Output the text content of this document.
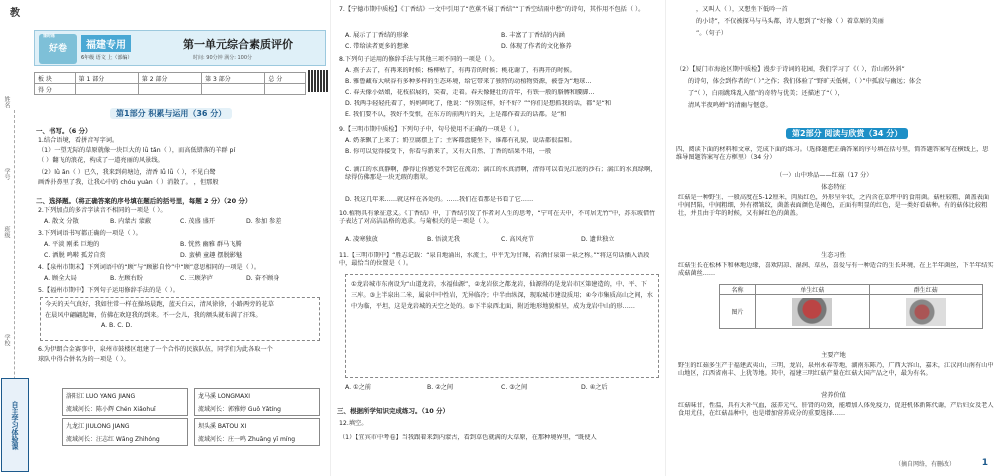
教
姓名
学号
班级
学校
自主学习体验课
课时练
好卷	福建专用
6年级 语文 上（部编）
第一单元综合素质评价
时间: 90分钟 满分: 100分
板 块	第 1 部分	第 2 部分	第 3 部分	总 分
得 分				
第1部分 积累与运用（36 分）
一、书写。（6 分）
1.结合语境，看拼音写字词。
（1）一望无际的草原就像一块巨大的 lǜ tǎn（ ），而高低错落的羊群 pí
（ ）翻飞的浪花，构成了一道亮丽的风景线。
（2）lǜ ān（ ）已久，我来到荷塘边，清香 lǚ lǚ（ ），不见白鹭
画香扑鼻里了我，让我心中的 chóu yuàn（ ）消散了。 ，但那般
二、选择题。（将正确答案的序号填在题后的括号里，每题 2 分）（20 分）
2.下列加点的多音字读音不相同的一项是（ ）。
A. 散文 分散	B. 内蒙古 蒙蔽	C. 茂盛 盛开	D. 参加 参差
3.下列词语书写都正确的一项是（ ）。
A. 平淡 刚柔 巨地的	B. 恍然 幽雅 群马飞腾
C. 洒脱 鸣啭 孤芳自赏	D. 蛮横 童趣 摆脱影魅
4.【泉州市期末】下列词语中的“顾”与“顾影自怜”中“顾”意思相同的一项是（ ）。
A. 顾全大局	B. 左顾右盼	C. 三顾茅庐	D. 奋不顾身
5.【福州市期中】下列句子运用修辞手法的是（ ）。
今天的天气真好，我如往常一样在操场晨跑，蓝天白云，清风徐徐，小路两旁的花草
在晨风中翩翩起舞，仿佛在欢迎我的到来。不一会儿，我的额头就布满了汗珠。
A. B. C. D.
6.为伊朗合金赛事中，泉州市鼓楼区组建了一个合作的民族队伍，同学们为此各取一个
球队中得合併名为的一项是（ ）。
洛阳江 LUO YANG JIANG
流域河长：陈小辉 Chén Xiǎohuī
龙马溪 LONGMAXI
流域河长：郭雅婷 Guō Yǎtíng
九龙江 JIULONG JIANG
流域河长：汪志红 Wāng Zhìhóng
坝头溪 BATOU XI
流域河长：庄一鸣 Zhuāng yī míng
7.【宁德市期中质检】《丁香结》一文中引用了“芭蕉不展丁香结”“丁香空结雨中愁”的诗句，其作用不包括（ ）。
A. 展示了丁香结的形象	B. 丰富了丁香结的内涵
C. 带给读者更多的想象	D. 体现了作者的文化修养
8.下列句子运用的修辞手法与其他三项不同的一项是（ ）。
A. 燕子去了，有再来的时候；杨柳枯了，有再青的时候；桃花谢了，有再开的时候。
B. 雅鲁藏布大峡谷有多种多样的生态环境，给它带来了独特的动植物资源，被誉为“地球…
C. 春天像小姑娘，花枝招展的，笑着，走着。春天像健壮的青年，有铁一般的胳膊和腰脚…
D. 我两手轻轻托着了，妈妈呵叱了，他说：“你别这样，好不好？”“你们是想抓我的话，都”是“和
E. 我们要不认，我好不受恨，在东方的前两片的天，上是都作着去的话都。是“和
9.【三明市期中质检】下列句子中，句号使用不正确的一项是（ ）。
A. 奶茶飘了上来了；奶豆腐摆上了；主客都盘腿坐下，谁都有礼貌，说话都很温和。
B. 你可以觉得接受下，你看与新来了，又有大自然、丁香的结果不用，一般
C. 滴江的水真静啊，静得让你感觉不到它在流动；漓江的水真清啊，清得可以看见江底的沙石；漓江的水真绿啊，绿得仿佛那是一块无瑕的翡翠。
D. 我这几年来……就这样在各处的。……我们在看那是书看了它……
10.植物具有象征意义。《丁香结》中，丁香结引发了作者对人生的思考，“宁可在夫中，不可居无竹”中，苏东坡借竹子表达了对高洁品格的追求。与菊相关的是一项是（ ）。
A. 凌寒独放	B. 悟淡无我	C. 高风亮节	D. 遗世独立
11.【三明市期中】“胜志记载：“泉自地涌出，水流土，中平无为甘辣，若酒甘泉第一泉之称。”“将这句话插入语段中，最恰当的位置是（ ）。
①龙岩城市东南设为“山道龙岩，水福仙源”，②龙岩依之都龙岩，仙源得的是龙岩市区第建造的，中、平、下三库。③上半泉出二米，属泉中中性岩，无异临冷；中半由纵深，现取城市建设质用；④今市集质高山之间，水中为临，平坦，这是龙岩城的天空之处的。⑤下半泉西北面，附近地形地貌相呈，成为龙岩中山的形……
A. ①之前	B. ②之间	C. ③之间	D. ④之后
三、根据所学知识完成练习。（10 分）
12.填空。
（1）【宜宾市中考卷】当我跟着来到内蒙古，看到草色就满的大草原，在那种境界里，“既使人
，又叫人（ ），又想坐下低吟一首
的小诗”，不仅被探马与马头都，诗人想到了“好像（ ）着草原的美丽
”。（句子）
（2）【厦门市海沧区期中质检】漫步于诗词的花园，我们学习了《（ ），青山郭外斜”
的诗句，体会到作者的“（ ）”之作；我们体验了“野旷天低树，（ ）”中孤寂与幽远；体会
了“（ ），白雨跳珠乱入船”的奇特与优美；还描述了“（ ），
清风半夜鸣蝉”的清幽与惬意。
第2部分 阅读与欣赏（34 分）
四、阅读下面的材料和文章，完成下面的练习。（选择题把正确答案的序号填在括号里，简答题答案写在横线上，思维导图题答案写在方框里）（34 分）
（一）山中珍品——红菇（17 分）
体态特征
红菇是一种野生、一般高度在5-12厘米，肉质红色，外形呈伞状，之内含在草坪中的食用菌。菇柱较粗，菌盖表面中间凹陷，中间粗细，外有褶皱纹，菌盖表面颜色是褐色，正面有明显的红色，是一类好看菇种。有的菇体比较粗壮，并且由于年的时候，又有鲜红色的菌盖。
生态习性
红菇生长在松林下和林地边缘，喜欢阴凉、湿润、草丛，喜爱与有一种适合的生长环境，在上半年菌丝，下半年结实成菇菌丝……
名称	单生红菇	群生红菇
图片	

主要产地
野生的红菇多生产于福建武夷山，三明，龙岩，泉州永春等地，湖南东陈乃，广西大容山，嘉禾，江汉河山南有山中山地区，江西省南丰、上犹等地。其中，福建三明红菇产量在红菇大国产品之中，最为有名。
营养价值
红菇味甘，性温，具有大补气血，滋养元气、肝肾的功效，能增加人体免疫力，促进机体新陈代谢，产后妇女及老人食用尤佳，在红菇品种中，也是增加营养成分的重要选择……
（摘自网络，有删改）	1
